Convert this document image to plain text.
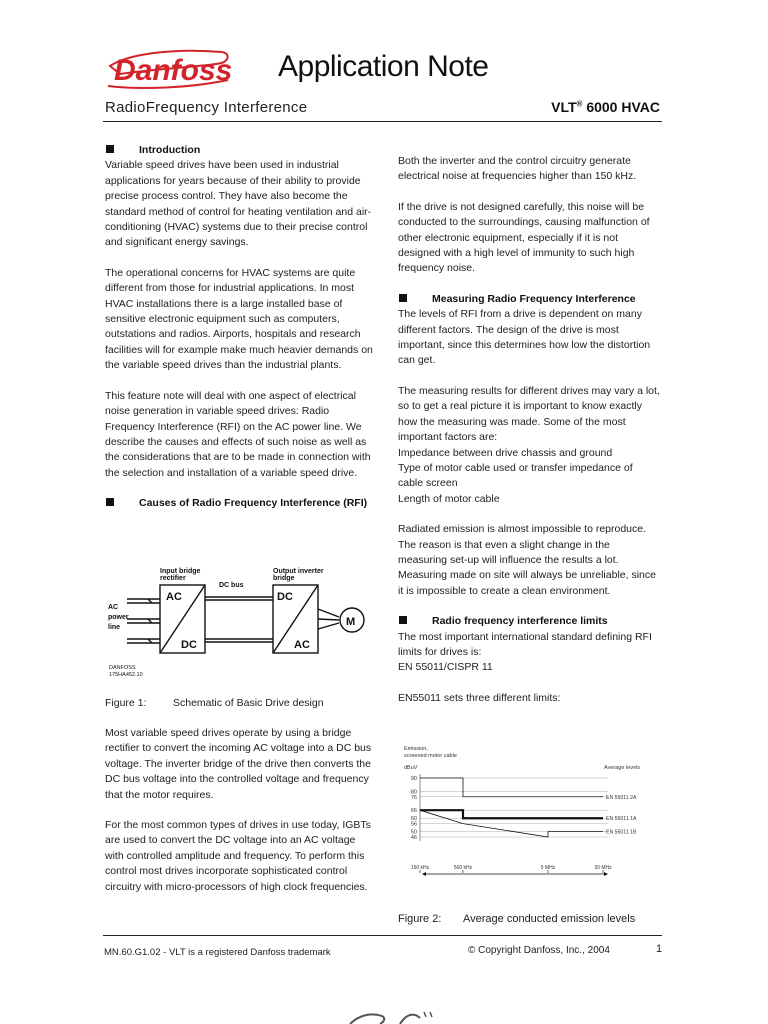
Danfoss Application Note
RadioFrequency Interference	VLT® 6000 HVAC
Introduction

Variable speed drives have been used in industrial applications for years because of their ability to provide precise process control. They have also become the standard method of control for heating ventilation and air-conditioning (HVAC) systems due to their precise control and significant energy savings.

The operational concerns for HVAC systems are quite different from those for industrial applications. In most HVAC installations there is a large installed base of sensitive electronic equipment such as computers, outstations and radios. Airports, hospitals and research facilities will for example make much heavier demands on the variable speed drives than the industrial plants.

This feature note will deal with one aspect of electrical noise generation in variable speed drives: Radio Frequency Interference (RFI) on the AC power line. We describe the causes and effects of such noise as well as the considerations that are to be made in connection with the selection and installation of a variable speed drive.

Causes of Radio Frequency Interference (RFI)
Input bridge
rectifier
Output inverter
bridge
DC bus
AC
power
line
AC
DC
DC
AC
M
DANFOSS
175HA452.10
Figure 1:	Schematic of Basic Drive design

Most variable speed drives operate by using a bridge rectifier to convert the incoming AC voltage into a DC bus voltage. The inverter bridge of the drive then converts the DC bus voltage into the controlled voltage and frequency that the motor requires.

For the most common types of drives in use today, IGBTs are used to convert the DC voltage into an AC voltage with controlled amplitude and frequency. To perform this control most drives incorporate sophisticated control circuitry with micro-processors of high clock frequencies.

Both the inverter and the control circuitry generate electrical noise at frequencies higher than 150 kHz.

If the drive is not designed carefully, this noise will be conducted to the surroundings, causing malfunction of other electronic equipment, especially if it is not designed with a high level of immunity to such high frequency noise.

Measuring Radio Frequency Interference

The levels of RFI from a drive is dependent on many different factors. The design of the drive is most important, since this determines how low the distortion can get.

The measuring results for different drives may vary a lot, so to get a real picture it is important to know exactly how the measuring was made. Some of the most important factors are:

Impedance between drive chassis and ground

Type of motor cable used or transfer impedance of cable screen

Length of motor cable

Radiated emission is almost impossible to reproduce. The reason is that even a slight change in the measuring set-up will influence the results a lot. Measuring made on site will always be unreliable, since it is impossible to create a clean environment.

Radio frequency interference limits

The most important international standard defining RFI limits for drives is:

EN 55011/CISPR 11

EN55011 sets three different limits:

Emission,
screened motor cable
dBuV	Average levels
90
80
76
66
60
56
50
46
150 kHz	500 kHz	5 MHz	30 MHz
EN 55011 2A
EN 55011 1A
EN 55011 1B
Figure 2: Average conducted emission levels
MN.60.G1.02 - VLT is a registered Danfoss trademark	© Copyright Danfoss, Inc., 2004	1
